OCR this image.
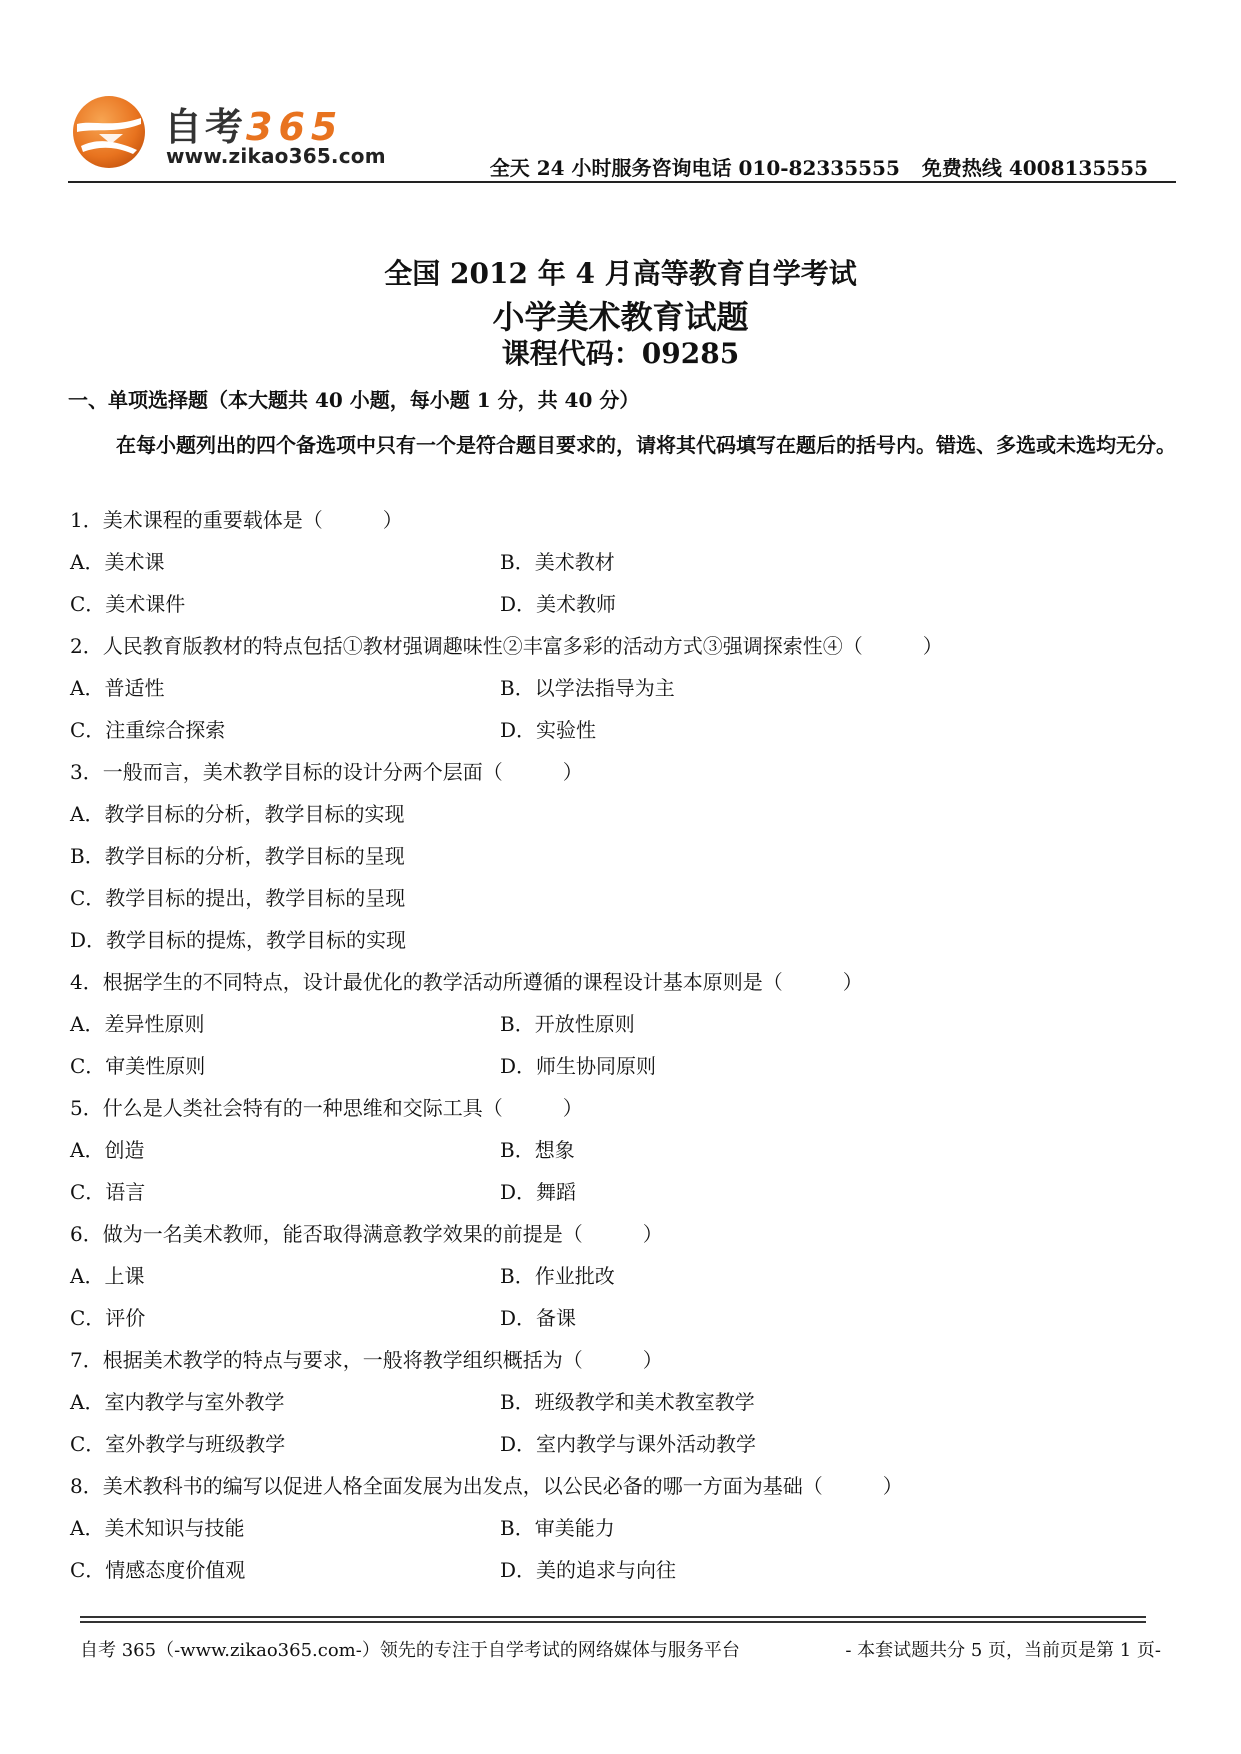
自考365
www.zikao365.com	全天 24 小时服务咨询电话 010-82335555 免费热线 4008135555
全国 2012 年 4 月高等教育自学考试
小学美术教育试题
课程代码：09285
一、单项选择题（本大题共 40 小题，每小题 1 分，共 40 分）
在每小题列出的四个备选项中只有一个是符合题目要求的，请将其代码填写在题后的括号内。错选、多选或未选均无分。
1．美术课程的重要载体是（　　　）
A．美术课	B．美术教材
C．美术课件	D．美术教师
2．人民教育版教材的特点包括①教材强调趣味性②丰富多彩的活动方式③强调探索性④（　　　）
A．普适性	B．以学法指导为主
C．注重综合探索	D．实验性
3．一般而言，美术教学目标的设计分两个层面（　　　）
A．教学目标的分析，教学目标的实现
B．教学目标的分析，教学目标的呈现
C．教学目标的提出，教学目标的呈现
D．教学目标的提炼，教学目标的实现
4．根据学生的不同特点，设计最优化的教学活动所遵循的课程设计基本原则是（　　　）
A．差异性原则	B．开放性原则
C．审美性原则	D．师生协同原则
5．什么是人类社会特有的一种思维和交际工具（　　　）
A．创造	B．想象
C．语言	D．舞蹈
6．做为一名美术教师，能否取得满意教学效果的前提是（　　　）
A．上课	B．作业批改
C．评价	D．备课
7．根据美术教学的特点与要求，一般将教学组织概括为（　　　）
A．室内教学与室外教学	B．班级教学和美术教室教学
C．室外教学与班级教学	D．室内教学与课外活动教学
8．美术教科书的编写以促进人格全面发展为出发点，以公民必备的哪一方面为基础（　　　）
A．美术知识与技能	B．审美能力
C．情感态度价值观	D．美的追求与向往
自考 365（-www.zikao365.com-）领先的专注于自学考试的网络媒体与服务平台	- 本套试题共分 5 页，当前页是第 1 页-
